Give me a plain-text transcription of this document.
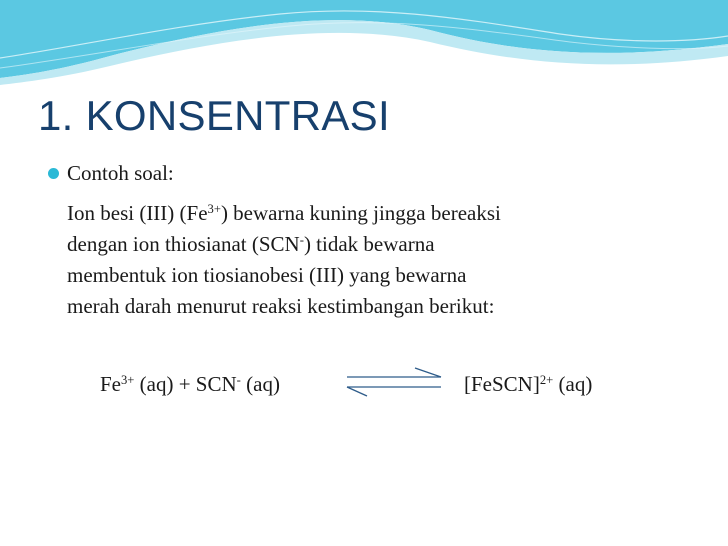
1. KONSENTRASI
Contoh soal:
Ion besi (III) $(Fe^{3+})$ bewarna kuning jingga bereaksi
dengan ion thiosianat (SCN-) tidak bewarna
membentuk ion tiosianobesi (III) yang bewarna
merah darah menurut reaksi kestimbangan berikut:
$Fe^{3+}$ (aq) + SCN- (aq)	[FeSCN]$^{2+}$ (aq)
